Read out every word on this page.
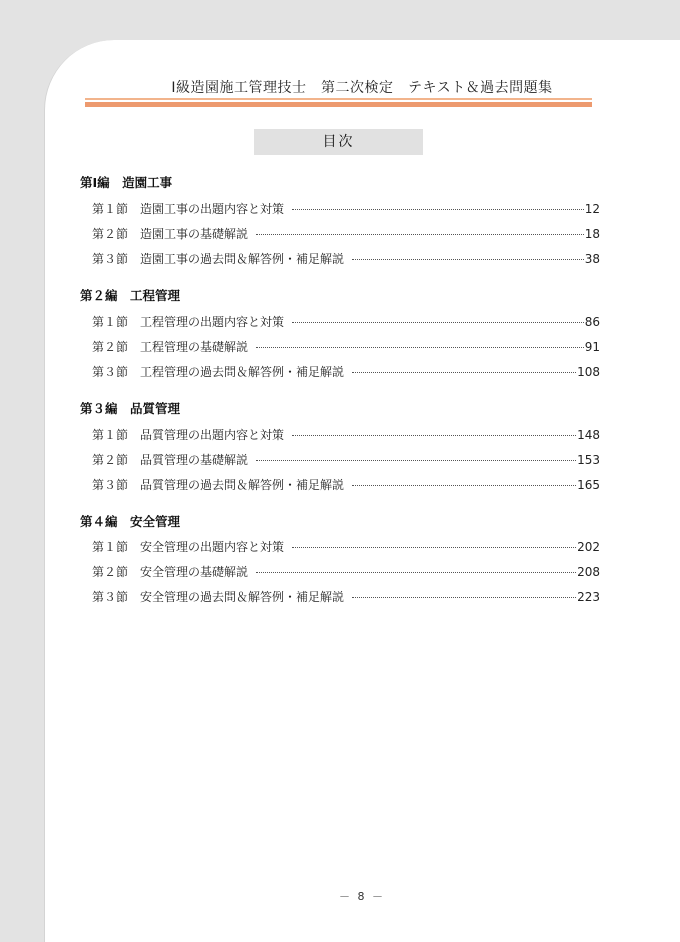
Ⅰ級造園施工管理技士　第二次検定　テキスト＆過去問題集
目次
第Ⅰ編　造園工事
第１節 造園工事の出題内容と対策	12
第２節 造園工事の基礎解説	18
第３節 造園工事の過去問＆解答例・補足解説	38
第２編　工程管理
第１節 工程管理の出題内容と対策	86
第２節 工程管理の基礎解説	91
第３節 工程管理の過去問＆解答例・補足解説	108
第３編　品質管理
第１節 品質管理の出題内容と対策	148
第２節 品質管理の基礎解説	153
第３節 品質管理の過去問＆解答例・補足解説	165
第４編　安全管理
第１節 安全管理の出題内容と対策	202
第２節 安全管理の基礎解説	208
第３節 安全管理の過去問＆解答例・補足解説	223
－ 8 －
